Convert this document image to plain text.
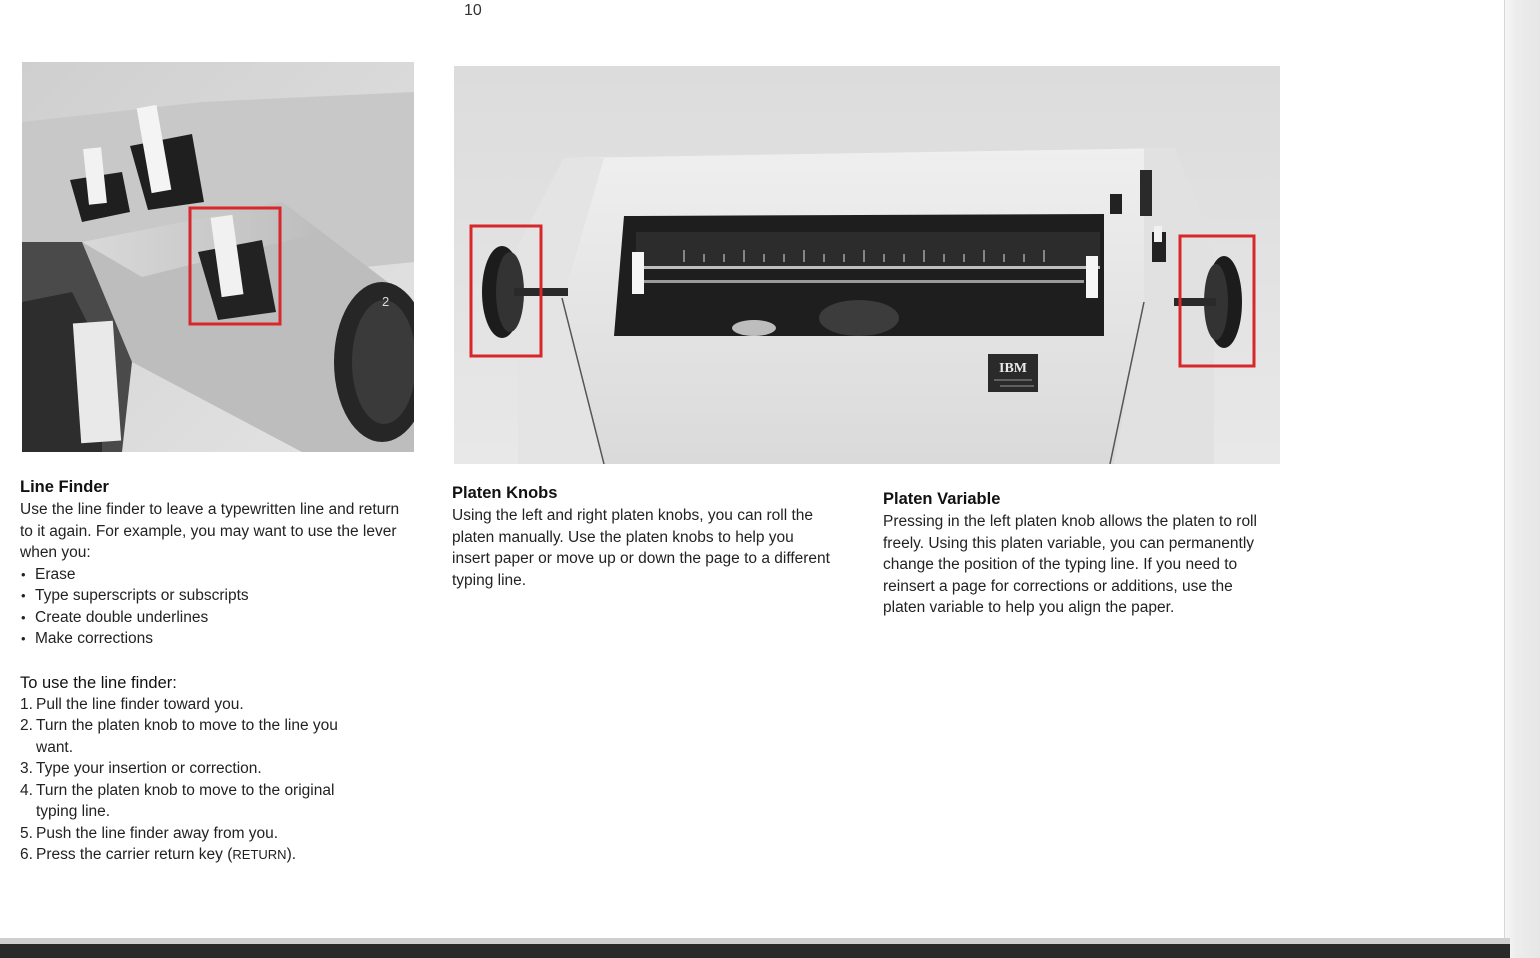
10
2
IBM
Line Finder

Use the line finder to leave a typewritten line and return to it again. For example, you may want to use the lever when you:

• Erase
• Type superscripts or subscripts
• Create double underlines
• Make corrections
To use the line finder:
1. Pull the line finder toward you.
2. Turn the platen knob to move to the line you want.
3. Type your insertion or correction.
4. Turn the platen knob to move to the original typing line.
5. Push the line finder away from you.
6. Press the carrier return key (RETURN).
Platen Knobs

Using the left and right platen knobs, you can roll the platen manually. Use the platen knobs to help you insert paper or move up or down the page to a different typing line.

Platen Variable

Pressing in the left platen knob allows the platen to roll freely. Using this platen variable, you can permanently change the position of the typing line. If you need to reinsert a page for corrections or additions, use the platen variable to help you align the paper.
